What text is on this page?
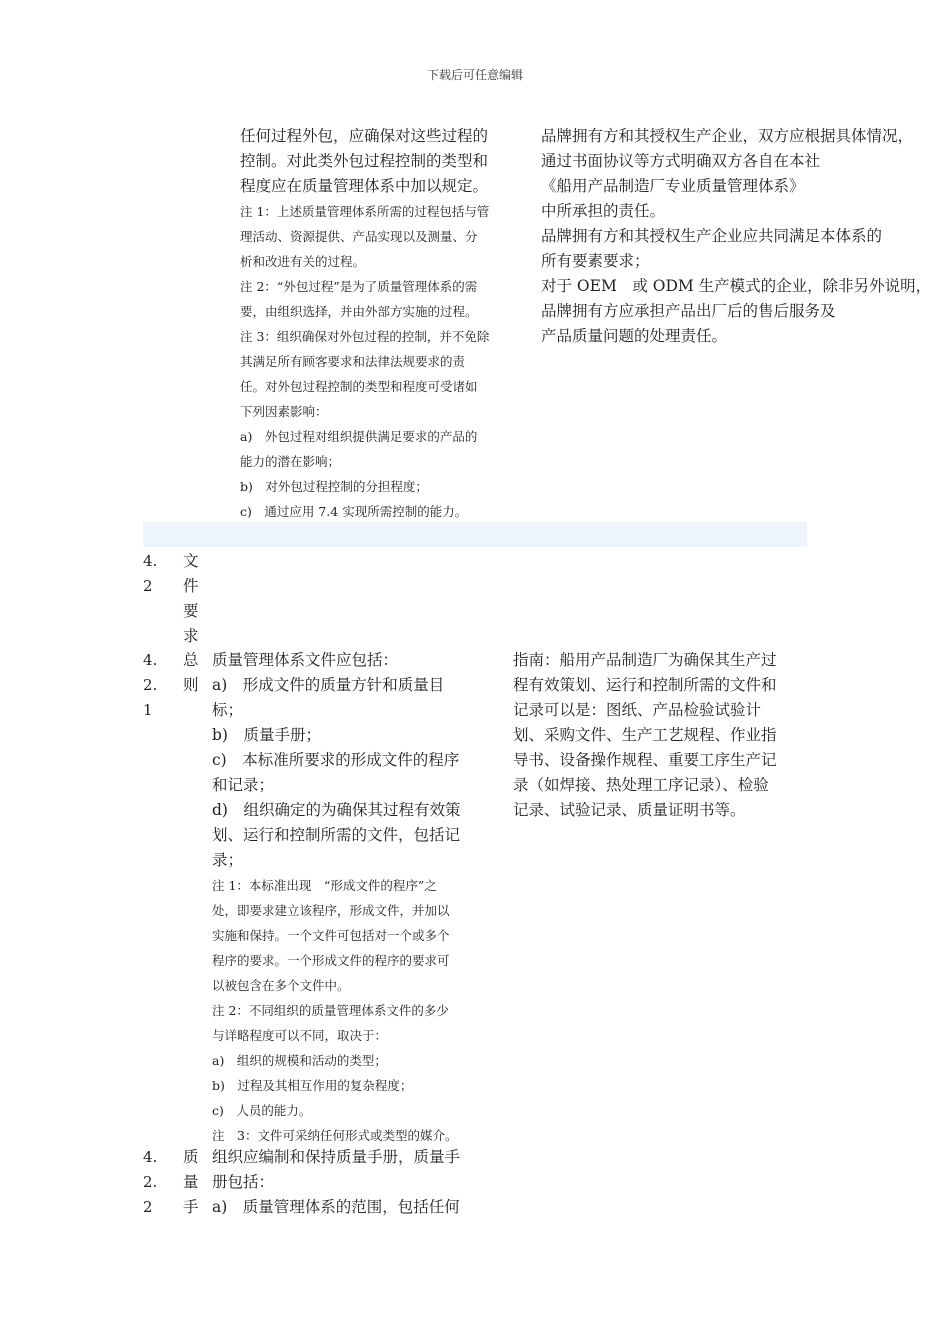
下载后可任意编辑
任何过程外包，应确保对这些过程的
控制。对此类外包过程控制的类型和
程度应在质量管理体系中加以规定。
注 1：上述质量管理体系所需的过程包括与管
理活动、资源提供、产品实现以及测量、分
析和改进有关的过程。
注 2：“外包过程”是为了质量管理体系的需
要，由组织选择，并由外部方实施的过程。
注 3：组织确保对外包过程的控制，并不免除
其满足所有顾客要求和法律法规要求的责
任。对外包过程控制的类型和程度可受诸如
下列因素影响：
a)　外包过程对组织提供满足要求的产品的
能力的潜在影响；
b)　对外包过程控制的分担程度；
c)　通过应用 7.4 实现所需控制的能力。
品牌拥有方和其授权生产企业，双方应根据具体情况，
通过书面协议等方式明确双方各自在本社
《船用产品制造厂专业质量管理体系》
中所承担的责任。
品牌拥有方和其授权生产企业应共同满足本体系的
所有要素要求；
对于 OEM　或 ODM 生产模式的企业，除非另外说明，
品牌拥有方应承担产品出厂后的售后服务及
产品质量问题的处理责任。
4.
2
文
件
要
求
4.
2.
1
总
则
质量管理体系文件应包括：
a)　形成文件的质量方针和质量目
标；
b)　质量手册；
c)　本标准所要求的形成文件的程序
和记录；
d)　组织确定的为确保其过程有效策
划、运行和控制所需的文件，包括记
录；
注 1：本标准出现　“形成文件的程序”之
处，即要求建立该程序，形成文件，并加以
实施和保持。一个文件可包括对一个或多个
程序的要求。一个形成文件的程序的要求可
以被包含在多个文件中。
注 2：不同组织的质量管理体系文件的多少
与详略程度可以不同，取决于：
a)　组织的规模和活动的类型；
b)　过程及其相互作用的复杂程度；
c)　人员的能力。
注　3：文件可采纳任何形式或类型的媒介。
指南：船用产品制造厂为确保其生产过
程有效策划、运行和控制所需的文件和
记录可以是：图纸、产品检验试验计
划、采购文件、生产工艺规程、作业指
导书、设备操作规程、重要工序生产记
录（如焊接、热处理工序记录）、检验
记录、试验记录、质量证明书等。
4.
2.
2
质
量
手
组织应编制和保持质量手册，质量手
册包括：
a)　质量管理体系的范围，包括任何
